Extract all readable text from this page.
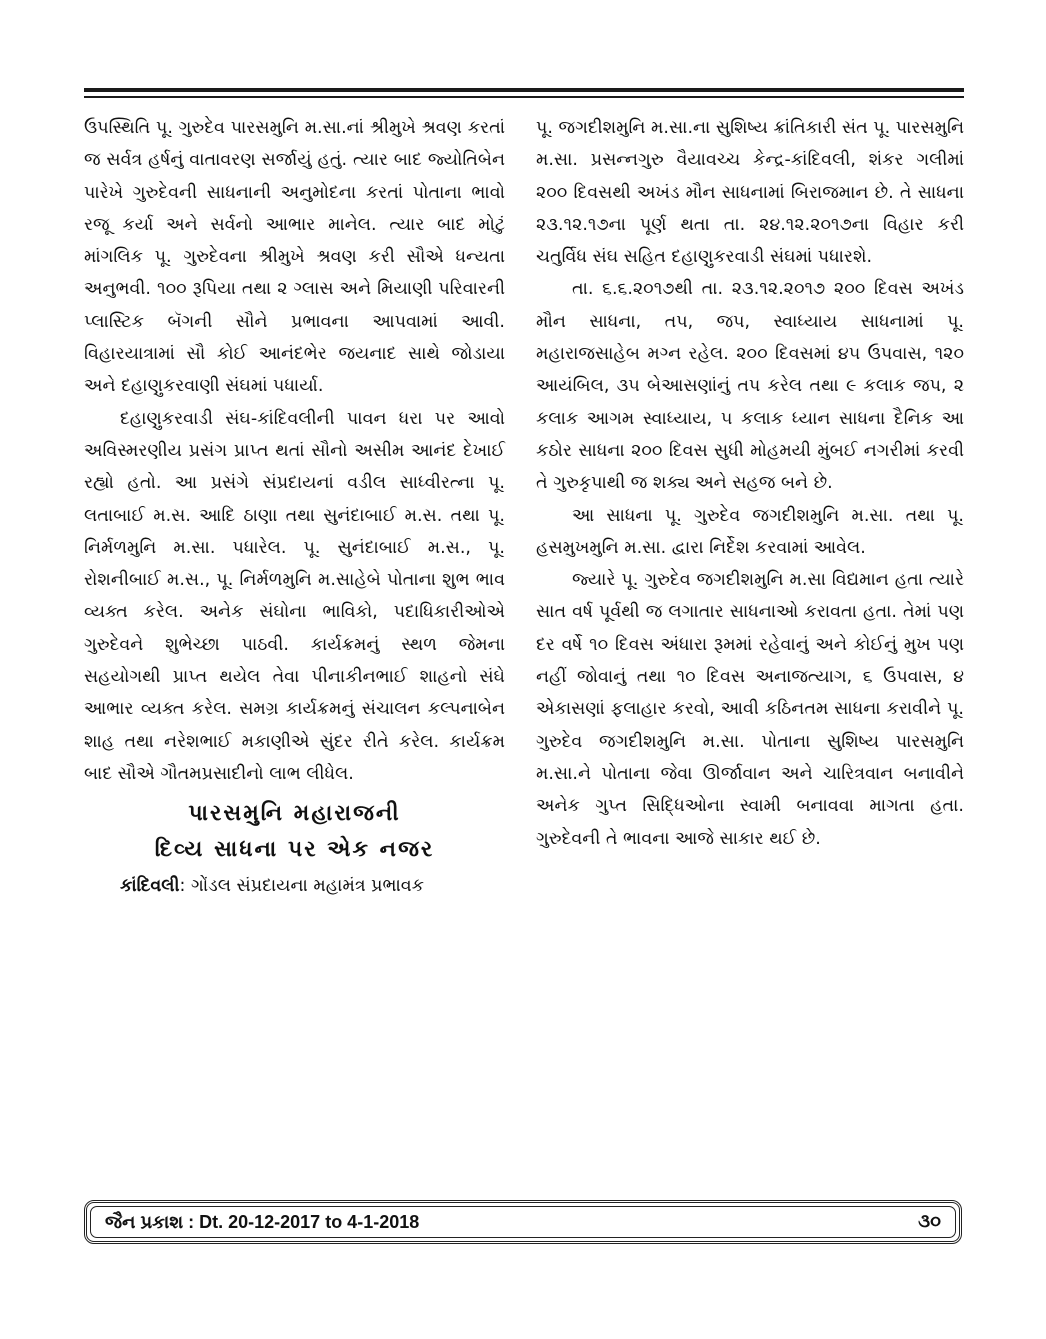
ઉપસ્થિતિ પૂ. ગુરુદેવ પારસમુનિ મ.સા.નાં શ્રીમુખે શ્રવણ કરતાં જ સર્વત્ર હર્ષનું વાતાવરણ સર્જાયું હતું. ત્યાર બાદ જ્યોતિબેન પારેખે ગુરુદેવની સાધનાની અનુમોદના કરતાં પોતાના ભાવો રજૂ કર્યા અને સર્વનો આભાર માનેલ. ત્યાર બાદ મોટું માંગલિક પૂ. ગુરુદેવના શ્રીમુખે શ્રવણ કરી સૌએ ધન્યતા અનુભવી. ૧૦૦ રૂપિયા તથા ૨ ગ્લાસ અને મિયાણી પરિવારની પ્લાસ્ટિક બૅગની સૌને પ્રભાવના આપવામાં આવી. વિહારયાત્રામાં સૌ કોઈ આનંદભેર જયનાદ સાથે જોડાયા અને દહાણુકરવાણી સંઘમાં પધાર્યા.

દહાણુકરવાડી સંઘ-કાંદિવલીની પાવન ધરા પર આવો અવિસ્મરણીય પ્રસંગ પ્રાપ્ત થતાં સૌનો અસીમ આનંદ દેખાઈ રહ્યો હતો. આ પ્રસંગે સંપ્રદાયનાં વડીલ સાધ્વીરત્ના પૂ. લતાબાઈ મ.સ. આદિ ઠાણા તથા સુનંદાબાઈ મ.સ. તથા પૂ. નિર્મળમુનિ મ.સા. પધારેલ. પૂ. સુનંદાબાઈ મ.સ., પૂ. રોશનીબાઈ મ.સ., પૂ. નિર્મળમુનિ મ.સાહેબે પોતાના શુભ ભાવ વ્યક્ત કરેલ. અનેક સંઘોના ભાવિકો, પદાધિકારીઓએ ગુરુદેવને શુભેચ્છા પાઠવી. કાર્યક્રમનું સ્થળ જેમના સહયોગથી પ્રાપ્ત થયેલ તેવા પીનાકીનભાઈ શાહનો સંઘે આભાર વ્યક્ત કરેલ. સમગ્ર કાર્યક્રમનું સંચાલન કલ્પનાબેન શાહ તથા નરેશભાઈ મકાણીએ સુંદર રીતે કરેલ. કાર્યક્રમ બાદ સૌએ ગૌતમપ્રસાદીનો લાભ લીધેલ.

પારસમુનિ મહારાજની
દિવ્ય સાધના પર એક નજર

કાંદિવલી: ગોંડલ સંપ્રદાયના મહામંત્ર પ્રભાવક

પૂ. જગદીશમુનિ મ.સા.ના સુશિષ્ય ક્રાંતિકારી સંત પૂ. પારસમુનિ મ.સા. પ્રસન્નગુરુ વૈયાવચ્ચ કેન્દ્ર-કાંદિવલી, શંકર ગલીમાં ૨૦૦ દિવસથી અખંડ મૌન સાધનામાં બિરાજમાન છે. તે સાધના ૨૩.૧૨.૧૭ના પૂર્ણ થતા તા. ૨૪.૧૨.૨૦૧૭ના વિહાર કરી ચતુર્વિધ સંઘ સહિત દહાણુકરવાડી સંઘમાં પધારશે.

તા. ૬.૬.૨૦૧૭થી તા. ૨૩.૧૨.૨૦૧૭ ૨૦૦ દિવસ અખંડ મૌન સાધના, તપ, જપ, સ્વાધ્યાય સાધનામાં પૂ. મહારાજસાહેબ મગ્ન રહેલ. ૨૦૦ દિવસમાં ૪૫ ઉપવાસ, ૧૨૦ આયંબિલ, ૩૫ બેઆસણાંનું તપ કરેલ તથા ૯ કલાક જપ, ૨ કલાક આગમ સ્વાધ્યાય, ૫ કલાક ધ્યાન સાધના દૈનિક આ કઠોર સાધના ૨૦૦ દિવસ સુધી મોહમયી મુંબઈ નગરીમાં કરવી તે ગુરુકૃપાથી જ શક્ય અને સહજ બને છે.

આ સાધના પૂ. ગુરુદેવ જગદીશમુનિ મ.સા. તથા પૂ. હસમુખમુનિ મ.સા. દ્વારા નિર્દેશ કરવામાં આવેલ.

જ્યારે પૂ. ગુરુદેવ જગદીશમુનિ મ.સા વિદ્યમાન હતા ત્યારે સાત વર્ષ પૂર્વથી જ લગાતાર સાધનાઓ કરાવતા હતા. તેમાં પણ દર વર્ષે ૧૦ દિવસ અંધારા રૂમમાં રહેવાનું અને કોઈનું મુખ પણ નહીં જોવાનું તથા ૧૦ દિવસ અનાજત્યાગ, ૬ ઉપવાસ, ૪ એકાસણાં ફલાહાર કરવો, આવી કઠિનતમ સાધના કરાવીને પૂ. ગુરુદેવ જગદીશમુનિ મ.સા. પોતાના સુશિષ્ય પારસમુનિ મ.સા.ને પોતાના જેવા ઊર્જાવાન અને ચારિત્રવાન બનાવીને અનેક ગુપ્ત સિદ્ધિઓના સ્વામી બનાવવા માગતા હતા. ગુરુદેવની તે ભાવના આજે સાકાર થઈ છે.

જૈન પ્રકાશ : Dt. 20-12-2017 to 4-1-2018	૩૦
